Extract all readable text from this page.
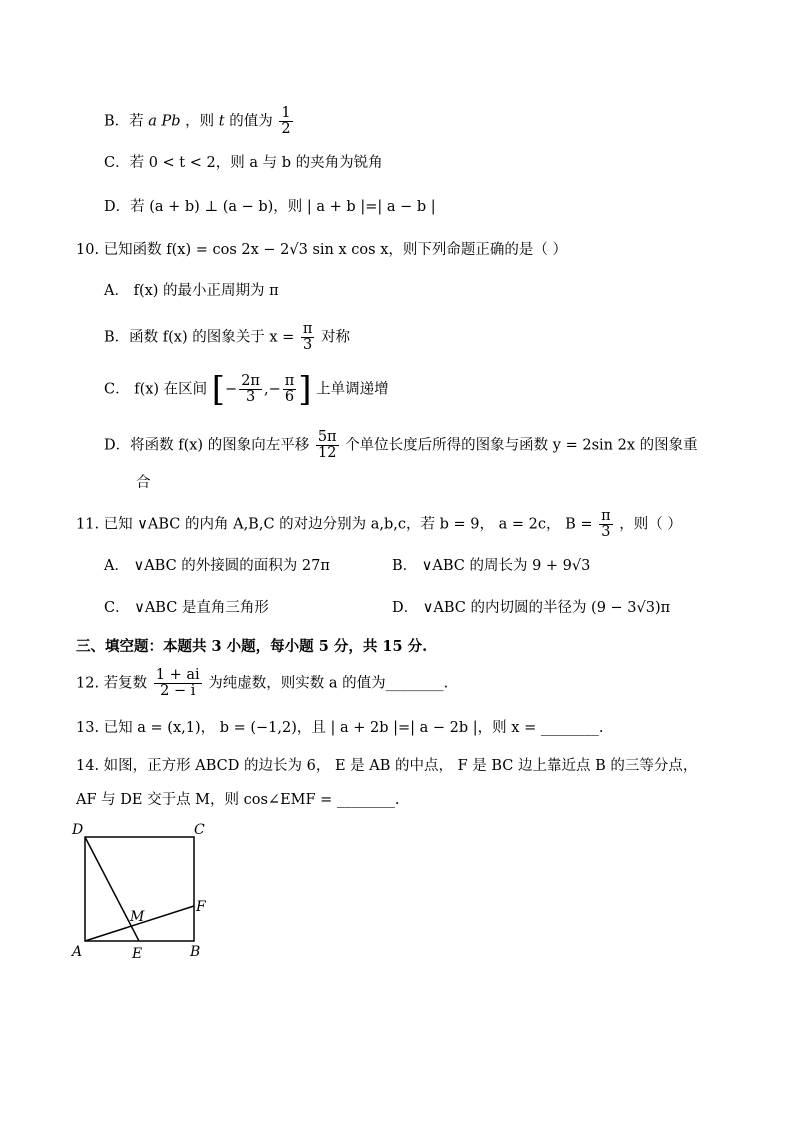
B．若 a Pb ，则 t 的值为 $\frac{1}{2}$
C．若 0 < t < 2，则 a 与 b 的夹角为锐角
D．若 (a + b) ⊥ (a − b)，则 | a + b |=| a − b |
10. 已知函数 f(x) = cos 2x − 2√3 sin x cos x，则下列命题正确的是（ ）
A． f(x) 的最小正周期为 π
B．函数 f(x) 的图象关于 $x = \frac{\pi}{3}$ 对称
C． f(x) 在区间 [− $\frac{2\pi}{3}$ ,− $\frac{\pi}{6}$ ] 上单调递增
D．将函数 f(x) 的图象向左平移 $\frac{5\pi}{12}$ 个单位长度后所得的图象与函数 y = 2sin 2x 的图象重
合
11. 已知 ∨ABC 的内角 A,B,C 的对边分别为 a,b,c，若 b = 9， a = 2c， $B = \frac{\pi}{3}$ ，则（ ）
A． ∨ABC 的外接圆的面积为 27π	B． ∨ABC 的周长为 9 + 9√3
C． ∨ABC 是直角三角形	D． ∨ABC 的内切圆的半径为 (9 − 3√3)π
三、填空题：本题共 3 小题，每小题 5 分，共 15 分.
12. 若复数 $\frac{1 + ai}{2 - i}$ 为纯虚数，则实数 a 的值为________.
13. 已知 a = (x,1)， b = (−1,2)，且 | a + 2b |=| a − 2b |，则 x = ________.
14. 如图，正方形 ABCD 的边长为 6， E 是 AB 的中点， F 是 BC 边上靠近点 B 的三等分点，
AF 与 DE 交于点 M，则 cos∠EMF = ________.
D	C
A	B
E
F
M
